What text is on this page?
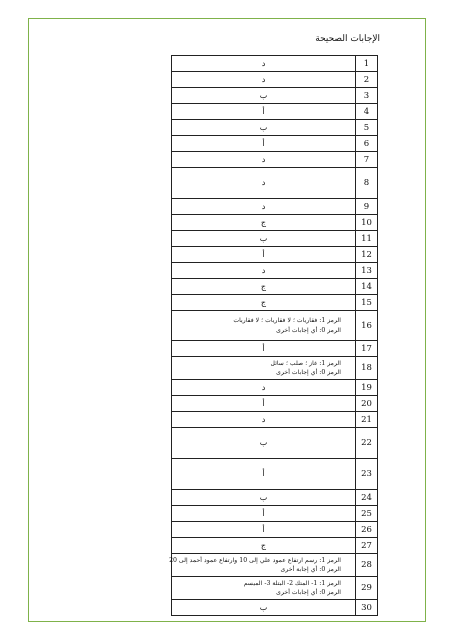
الإجابات الصحيحة
د	1

د	2

ب	3

أ	4

ب	5

أ	6

د	7

د	8

د	9

ج	10

ب	11

أ	12

د	13

ج	14

ج	15

الرمز 1: فقاريات ؛ لا فقاريات ؛ لا فقاريات
الرمز 0: أي إجابات أخرى	16

أ	17

الرمز 1: غاز ؛ صلب ؛ سائل
الرمز 0: أي إجابات أخرى	18

د	19

أ	20

د	21

ب	22

أ	23

ب	24

أ	25

أ	26

ج	27

الرمز 1: رسم ارتفاع عمود علي إلى 10 وارتفاع عمود أحمد إلى 20
الرمز 0: أي إجابة أخرى	28

الرمز 1: 1- المتك 2- البتلة 3- الميسم
الرمز 0: أي إجابات أخرى	29

ب	30
